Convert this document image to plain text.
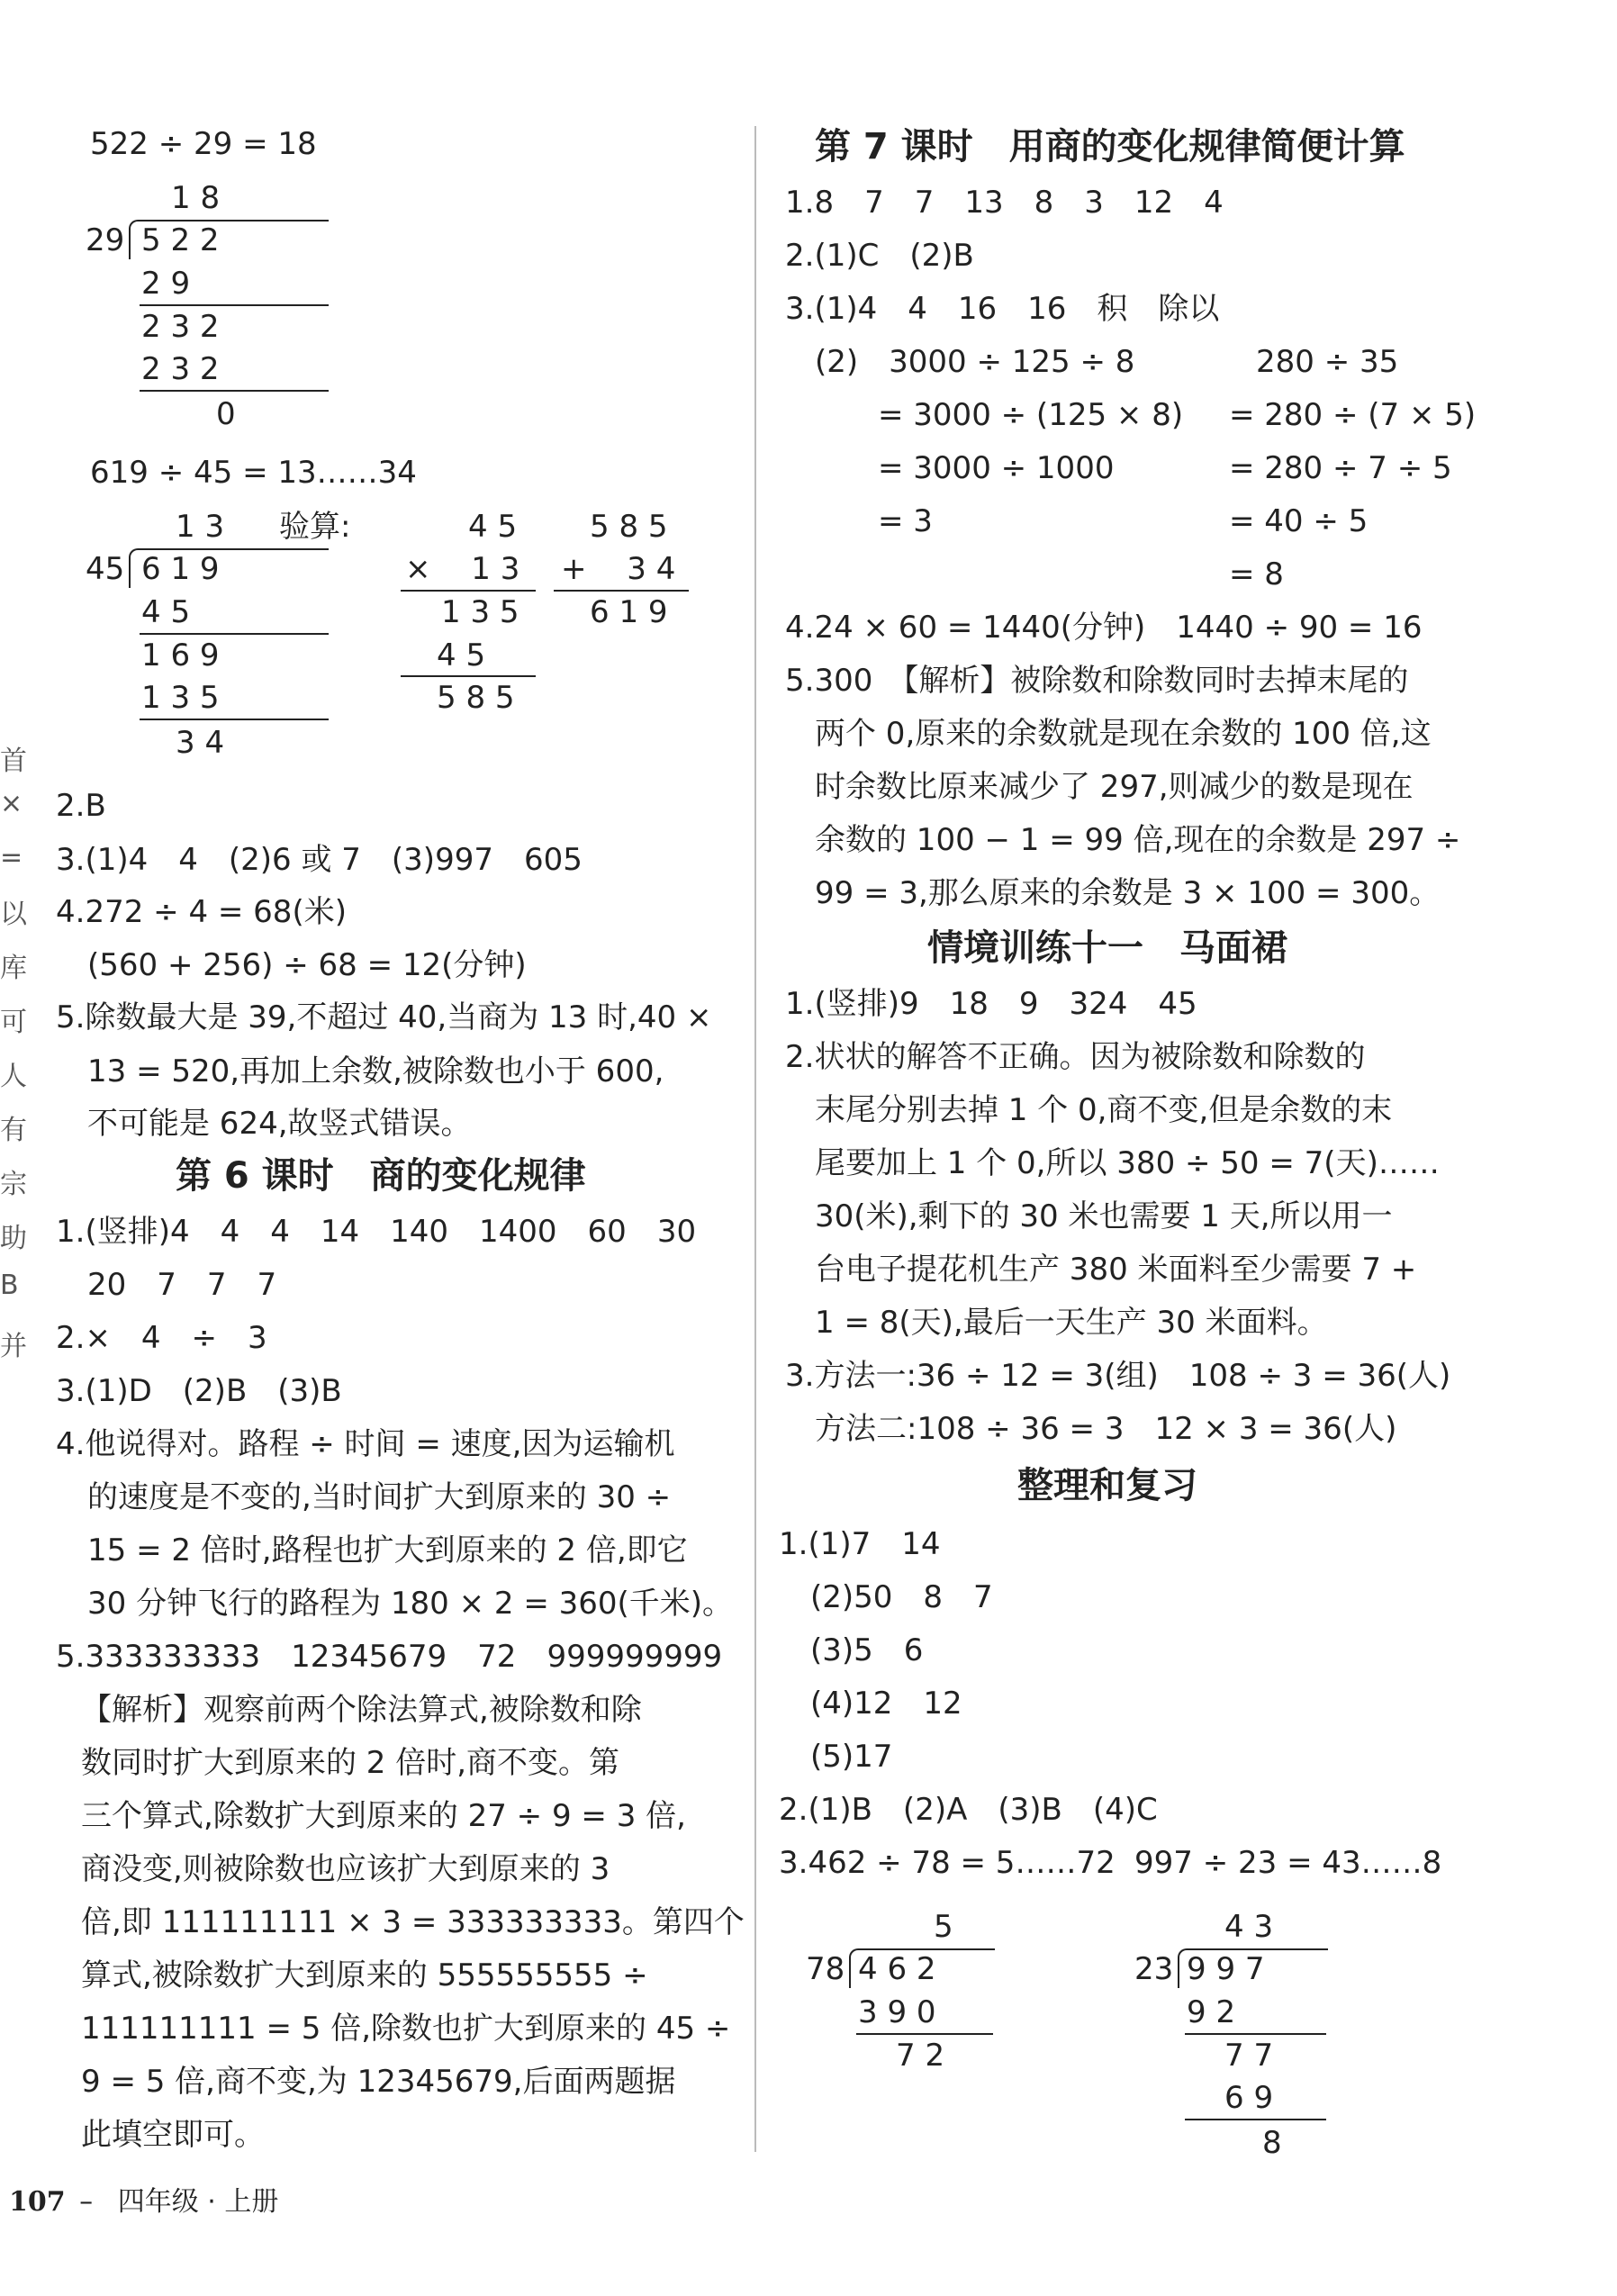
首
×
=
以
库
可
人
有
宗
助
B
并
522 ÷ 29 = 18
1 8
29 5 2 2
2 9
2 3 2
2 3 2
0
619 ÷ 45 = 13……34
1 3 验算:
45 6 1 9
4 5
1 6 9
1 3 5
3 4
4 5
× 　1 3
1 3 5
4 5
5 8 5
5 8 5
+ 　3 4
6 1 9
2.B
3.(1)4　4　(2)6 或 7　(3)997　605
4.272 ÷ 4 = 68(米)
(560 + 256) ÷ 68 = 12(分钟)
5.除数最大是 39,不超过 40,当商为 13 时,40 ×
13 = 520,再加上余数,被除数也小于 600,
不可能是 624,故竖式错误。
第 6 课时　商的变化规律
1.(竖排)4　4　4　14　140　1400　60　30
20　7　7　7
2.×　4　÷　3
3.(1)D　(2)B　(3)B
4.他说得对。路程 ÷ 时间 = 速度,因为运输机
的速度是不变的,当时间扩大到原来的 30 ÷
15 = 2 倍时,路程也扩大到原来的 2 倍,即它
30 分钟飞行的路程为 180 × 2 = 360(千米)。
5.333333333　12345679　72　999999999
【解析】观察前两个除法算式,被除数和除
数同时扩大到原来的 2 倍时,商不变。第
三个算式,除数扩大到原来的 27 ÷ 9 = 3 倍,
商没变,则被除数也应该扩大到原来的 3
倍,即 111111111 × 3 = 333333333。第四个
算式,被除数扩大到原来的 555555555 ÷
111111111 = 5 倍,除数也扩大到原来的 45 ÷
9 = 5 倍,商不变,为 12345679,后面两题据
此填空即可。
第 7 课时　用商的变化规律简便计算
1.8　7　7　13　8　3　12　4
2.(1)C　(2)B
3.(1)4　4　16　16　积　除以
(2)　3000 ÷ 125 ÷ 8
= 3000 ÷ (125 × 8)
= 3000 ÷ 1000
= 3
280 ÷ 35
= 280 ÷ (7 × 5)
= 280 ÷ 7 ÷ 5
= 40 ÷ 5
= 8
4.24 × 60 = 1440(分钟)　1440 ÷ 90 = 16
5.300　【解析】被除数和除数同时去掉末尾的
两个 0,原来的余数就是现在余数的 100 倍,这
时余数比原来减少了 297,则减少的数是现在
余数的 100 − 1 = 99 倍,现在的余数是 297 ÷
99 = 3,那么原来的余数是 3 × 100 = 300。
情境训练十一　马面裙
1.(竖排)9　18　9　324　45
2.状状的解答不正确。因为被除数和除数的
末尾分别去掉 1 个 0,商不变,但是余数的末
尾要加上 1 个 0,所以 380 ÷ 50 = 7(天)……
30(米),剩下的 30 米也需要 1 天,所以用一
台电子提花机生产 380 米面料至少需要 7 +
1 = 8(天),最后一天生产 30 米面料。
3.方法一:36 ÷ 12 = 3(组)　108 ÷ 3 = 36(人)
方法二:108 ÷ 36 = 3　12 × 3 = 36(人)
整理和复习
1.(1)7　14
(2)50　8　7
(3)5　6
(4)12　12
(5)17
2.(1)B　(2)A　(3)B　(4)C
3.462 ÷ 78 = 5……72 997 ÷ 23 = 43……8
5
78 4 6 2
3 9 0
7 2
4 3
23 9 9 7
9 2
7 7
6 9
8
107 – 四年级 · 上册
